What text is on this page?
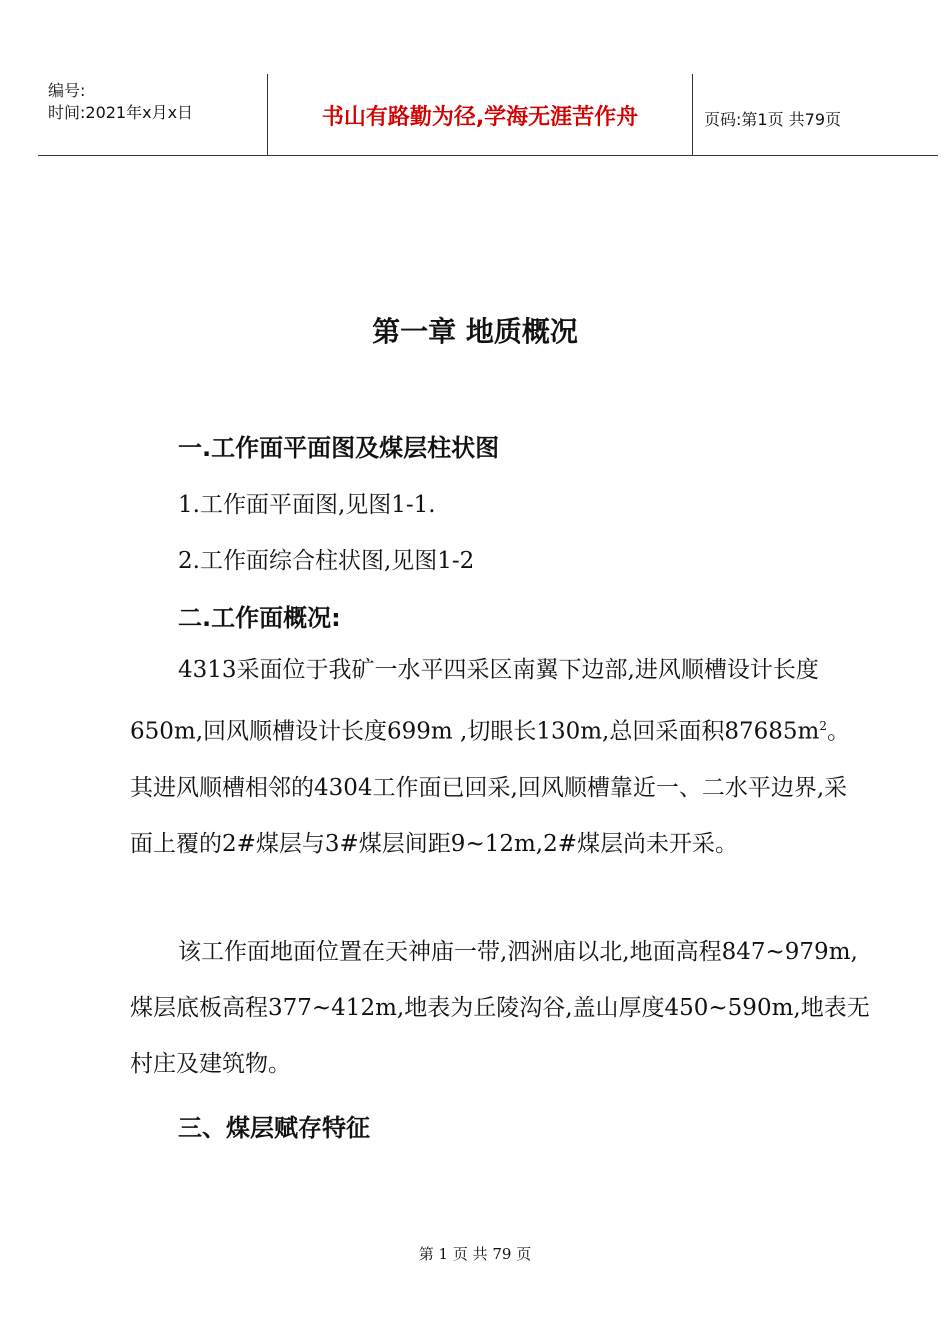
编号:
时间:2021年x月x日	书山有路勤为径,学海无涯苦作舟	页码:第1页 共79页
第一章 地质概况
一.工作面平面图及煤层柱状图
1.工作面平面图,见图1-1.
2.工作面综合柱状图,见图1-2
二.工作面概况:

4313采面位于我矿一水平四采区南翼下边部,进风顺槽设计长度650m,回风顺槽设计长度699m ,切眼长130m,总回采面积$87685m^2$。其进风顺槽相邻的4304工作面已回采,回风顺槽靠近一、二水平边界,采面上覆的2#煤层与3#煤层间距9~12m,2#煤层尚未开采。

该工作面地面位置在天神庙一带,泗洲庙以北,地面高程847~979m,煤层底板高程377~412m,地表为丘陵沟谷,盖山厚度450~590m,地表无村庄及建筑物。

三、煤层赋存特征
第 1 页 共 79 页
